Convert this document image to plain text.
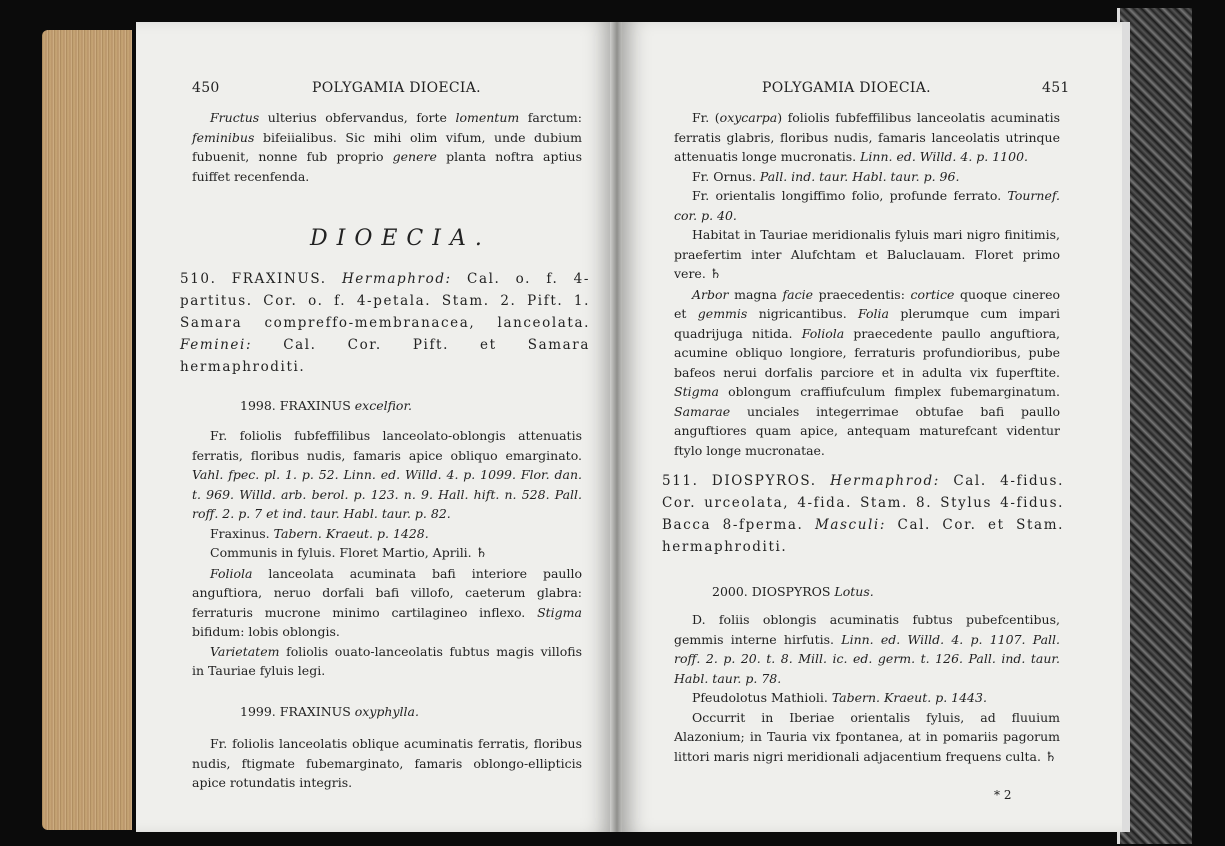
450	POLYGAMIA DIOECIA.
Fructus ulterius obfervandus, forte lomentum farctum: feminibus bifeiialibus. Sic mihi olim vifum, unde dubium fubuenit, nonne fub proprio genere planta noftra aptius fuiffet recenfenda.
DIOECIA.
510. FRAXINUS. Hermaphrod: Cal. o. f. 4-partitus. Cor. o. f. 4-petala. Stam. 2. Pift. 1. Samara compreffo-membranacea, lanceolata. Feminei: Cal. Cor. Pift. et Samara hermaphroditi.
1998. FRAXINUS excelfior.

Fr. foliolis fubfeffilibus lanceolato-oblongis attenuatis ferratis, floribus nudis, famaris apice obliquo emarginato. Vahl. fpec. pl. 1. p. 52. Linn. ed. Willd. 4. p. 1099. Flor. dan. t. 969. Willd. arb. berol. p. 123. n. 9. Hall. hift. n. 528. Pall. roff. 2. p. 7 et ind. taur. Habl. taur. p. 82.

Fraxinus. Tabern. Kraeut. p. 1428.

Communis in fyluis. Floret Martio, Aprili. ♄

Foliola lanceolata acuminata bafi interiore paullo anguftiora, neruo dorfali bafi villofo, caeterum glabra: ferraturis mucrone minimo cartilagineo inflexo. Stigma bifidum: lobis oblongis.

Varietatem foliolis ouato-lanceolatis fubtus magis villofis in Tauriae fyluis legi.

1999. FRAXINUS oxyphylla.
Fr. foliolis lanceolatis oblique acuminatis ferratis, floribus nudis, ftigmate fubemarginato, famaris oblongo-ellipticis apice rotundatis integris.
POLYGAMIA DIOECIA.	451

Fr. (oxycarpa) foliolis fubfeffilibus lanceolatis acuminatis ferratis glabris, floribus nudis, famaris lanceolatis utrinque attenuatis longe mucronatis. Linn. ed. Willd. 4. p. 1100.

Fr. Ornus. Pall. ind. taur. Habl. taur. p. 96.

Fr. orientalis longiffimo folio, profunde ferrato. Tournef. cor. p. 40.

Habitat in Tauriae meridionalis fyluis mari nigro finitimis, praefertim inter Alufchtam et Baluclauam. Floret primo vere. ♄

Arbor magna facie praecedentis: cortice quoque cinereo et gemmis nigricantibus. Folia plerumque cum impari quadrijuga nitida. Foliola praecedente paullo anguftiora, acumine obliquo longiore, ferraturis profundioribus, pube bafeos nerui dorfalis parciore et in adulta vix fuperftite. Stigma oblongum craffiufculum fimplex fubemarginatum. Samarae unciales integerrimae obtufae bafi paullo anguftiores quam apice, antequam maturefcant videntur ftylo longe mucronatae.

511. DIOSPYROS. Hermaphrod: Cal. 4-fidus. Cor. urceolata, 4-fida. Stam. 8. Stylus 4-fidus. Bacca 8-fperma. Masculi: Cal. Cor. et Stam. hermaphroditi.
2000. DIOSPYROS Lotus.

D. foliis oblongis acuminatis fubtus pubefcentibus, gemmis interne hirfutis. Linn. ed. Willd. 4. p. 1107. Pall. roff. 2. p. 20. t. 8. Mill. ic. ed. germ. t. 126. Pall. ind. taur. Habl. taur. p. 78.

Pfeudolotus Mathioli. Tabern. Kraeut. p. 1443.

Occurrit in Iberiae orientalis fyluis, ad fluuium Alazonium; in Tauria vix fpontanea, at in pomariis pagorum littori maris nigri meridionali adjacentium frequens culta. ♄

* 2
